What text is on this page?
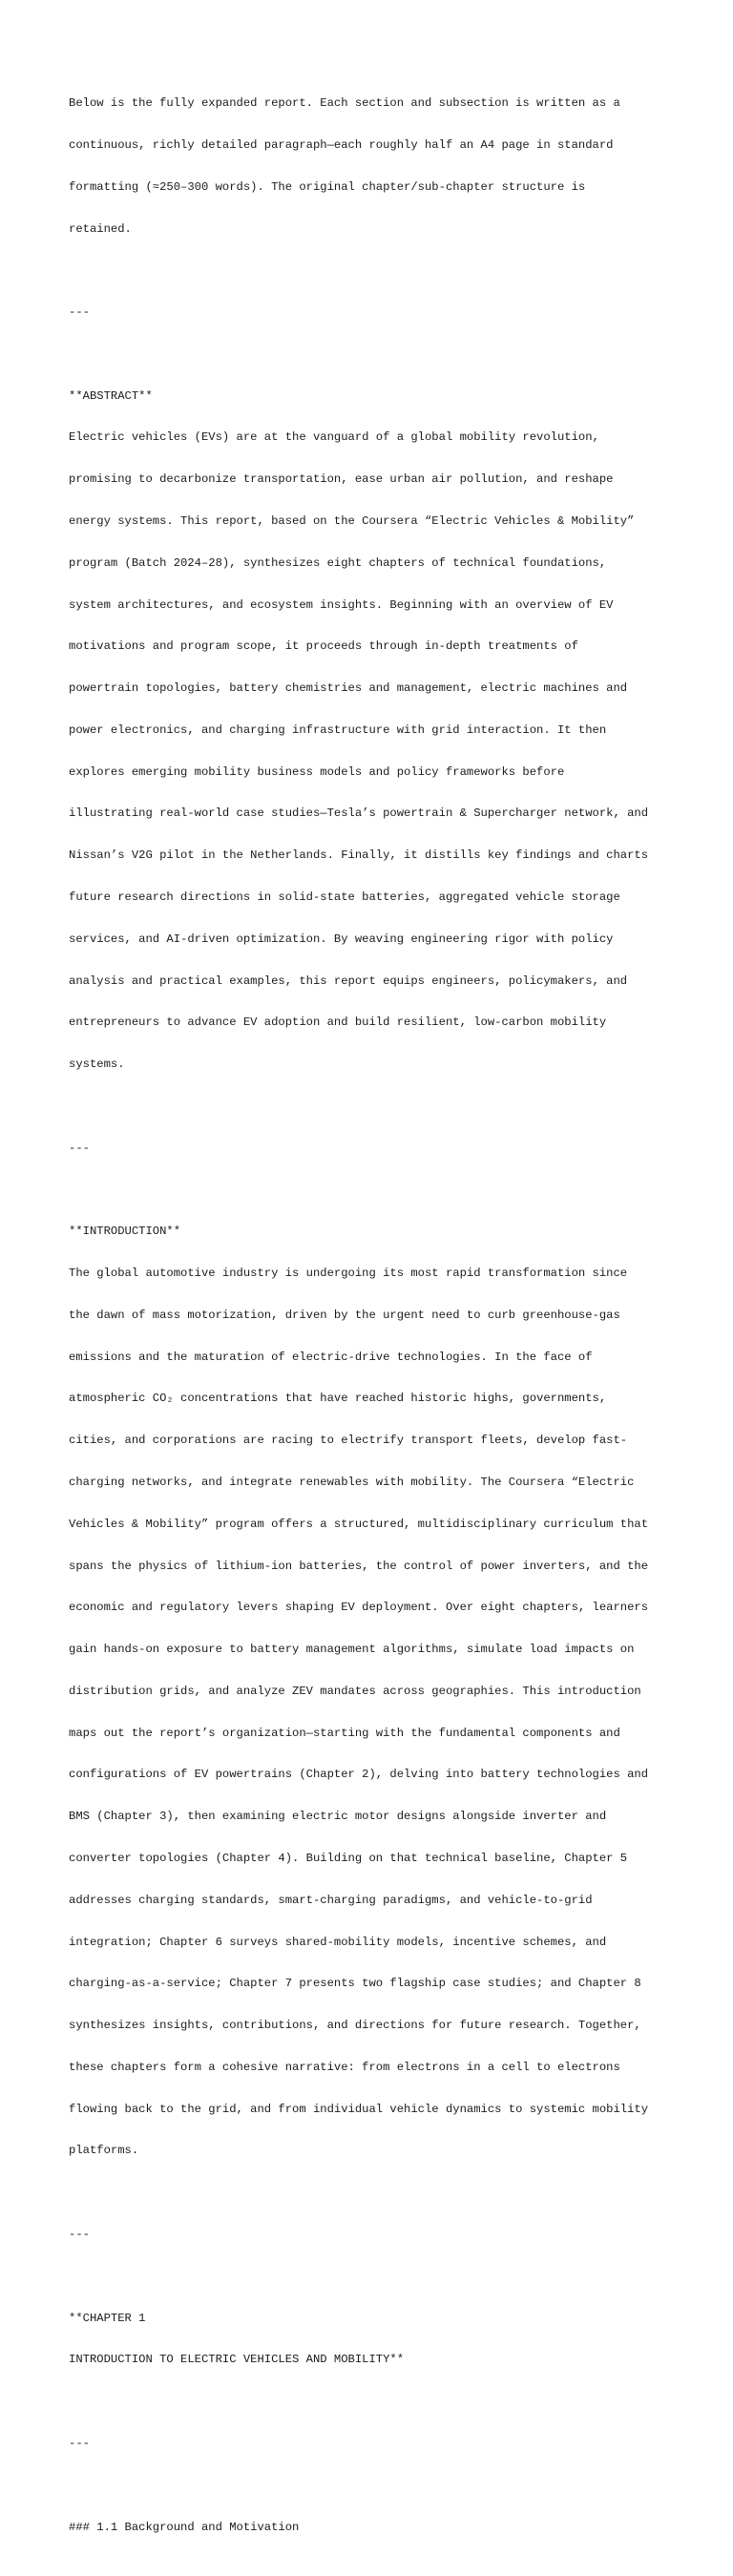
Below is the fully expanded report. Each section and subsection is written as a

continuous, richly detailed paragraph—each roughly half an A4 page in standard

formatting (≈250–300 words). The original chapter/sub-chapter structure is

retained.

---

**ABSTRACT**

Electric vehicles (EVs) are at the vanguard of a global mobility revolution,

promising to decarbonize transportation, ease urban air pollution, and reshape

energy systems. This report, based on the Coursera “Electric Vehicles & Mobility”

program (Batch 2024–28), synthesizes eight chapters of technical foundations,

system architectures, and ecosystem insights. Beginning with an overview of EV

motivations and program scope, it proceeds through in-depth treatments of

powertrain topologies, battery chemistries and management, electric machines and

power electronics, and charging infrastructure with grid interaction. It then

explores emerging mobility business models and policy frameworks before

illustrating real-world case studies—Tesla’s powertrain & Supercharger network, and

Nissan’s V2G pilot in the Netherlands. Finally, it distills key findings and charts

future research directions in solid-state batteries, aggregated vehicle storage

services, and AI-driven optimization. By weaving engineering rigor with policy

analysis and practical examples, this report equips engineers, policymakers, and

entrepreneurs to advance EV adoption and build resilient, low-carbon mobility

systems.

---

**INTRODUCTION**

The global automotive industry is undergoing its most rapid transformation since

the dawn of mass motorization, driven by the urgent need to curb greenhouse-gas

emissions and the maturation of electric-drive technologies. In the face of

atmospheric CO₂ concentrations that have reached historic highs, governments,

cities, and corporations are racing to electrify transport fleets, develop fast-

charging networks, and integrate renewables with mobility. The Coursera “Electric

Vehicles & Mobility” program offers a structured, multidisciplinary curriculum that

spans the physics of lithium-ion batteries, the control of power inverters, and the

economic and regulatory levers shaping EV deployment. Over eight chapters, learners

gain hands-on exposure to battery management algorithms, simulate load impacts on

distribution grids, and analyze ZEV mandates across geographies. This introduction

maps out the report’s organization—starting with the fundamental components and

configurations of EV powertrains (Chapter 2), delving into battery technologies and

BMS (Chapter 3), then examining electric motor designs alongside inverter and

converter topologies (Chapter 4). Building on that technical baseline, Chapter 5

addresses charging standards, smart-charging paradigms, and vehicle-to-grid

integration; Chapter 6 surveys shared-mobility models, incentive schemes, and

charging-as-a-service; Chapter 7 presents two flagship case studies; and Chapter 8

synthesizes insights, contributions, and directions for future research. Together,

these chapters form a cohesive narrative: from electrons in a cell to electrons

flowing back to the grid, and from individual vehicle dynamics to systemic mobility

platforms.

---

**CHAPTER 1

INTRODUCTION TO ELECTRIC VEHICLES AND MOBILITY**

---

### 1.1 Background and Motivation
